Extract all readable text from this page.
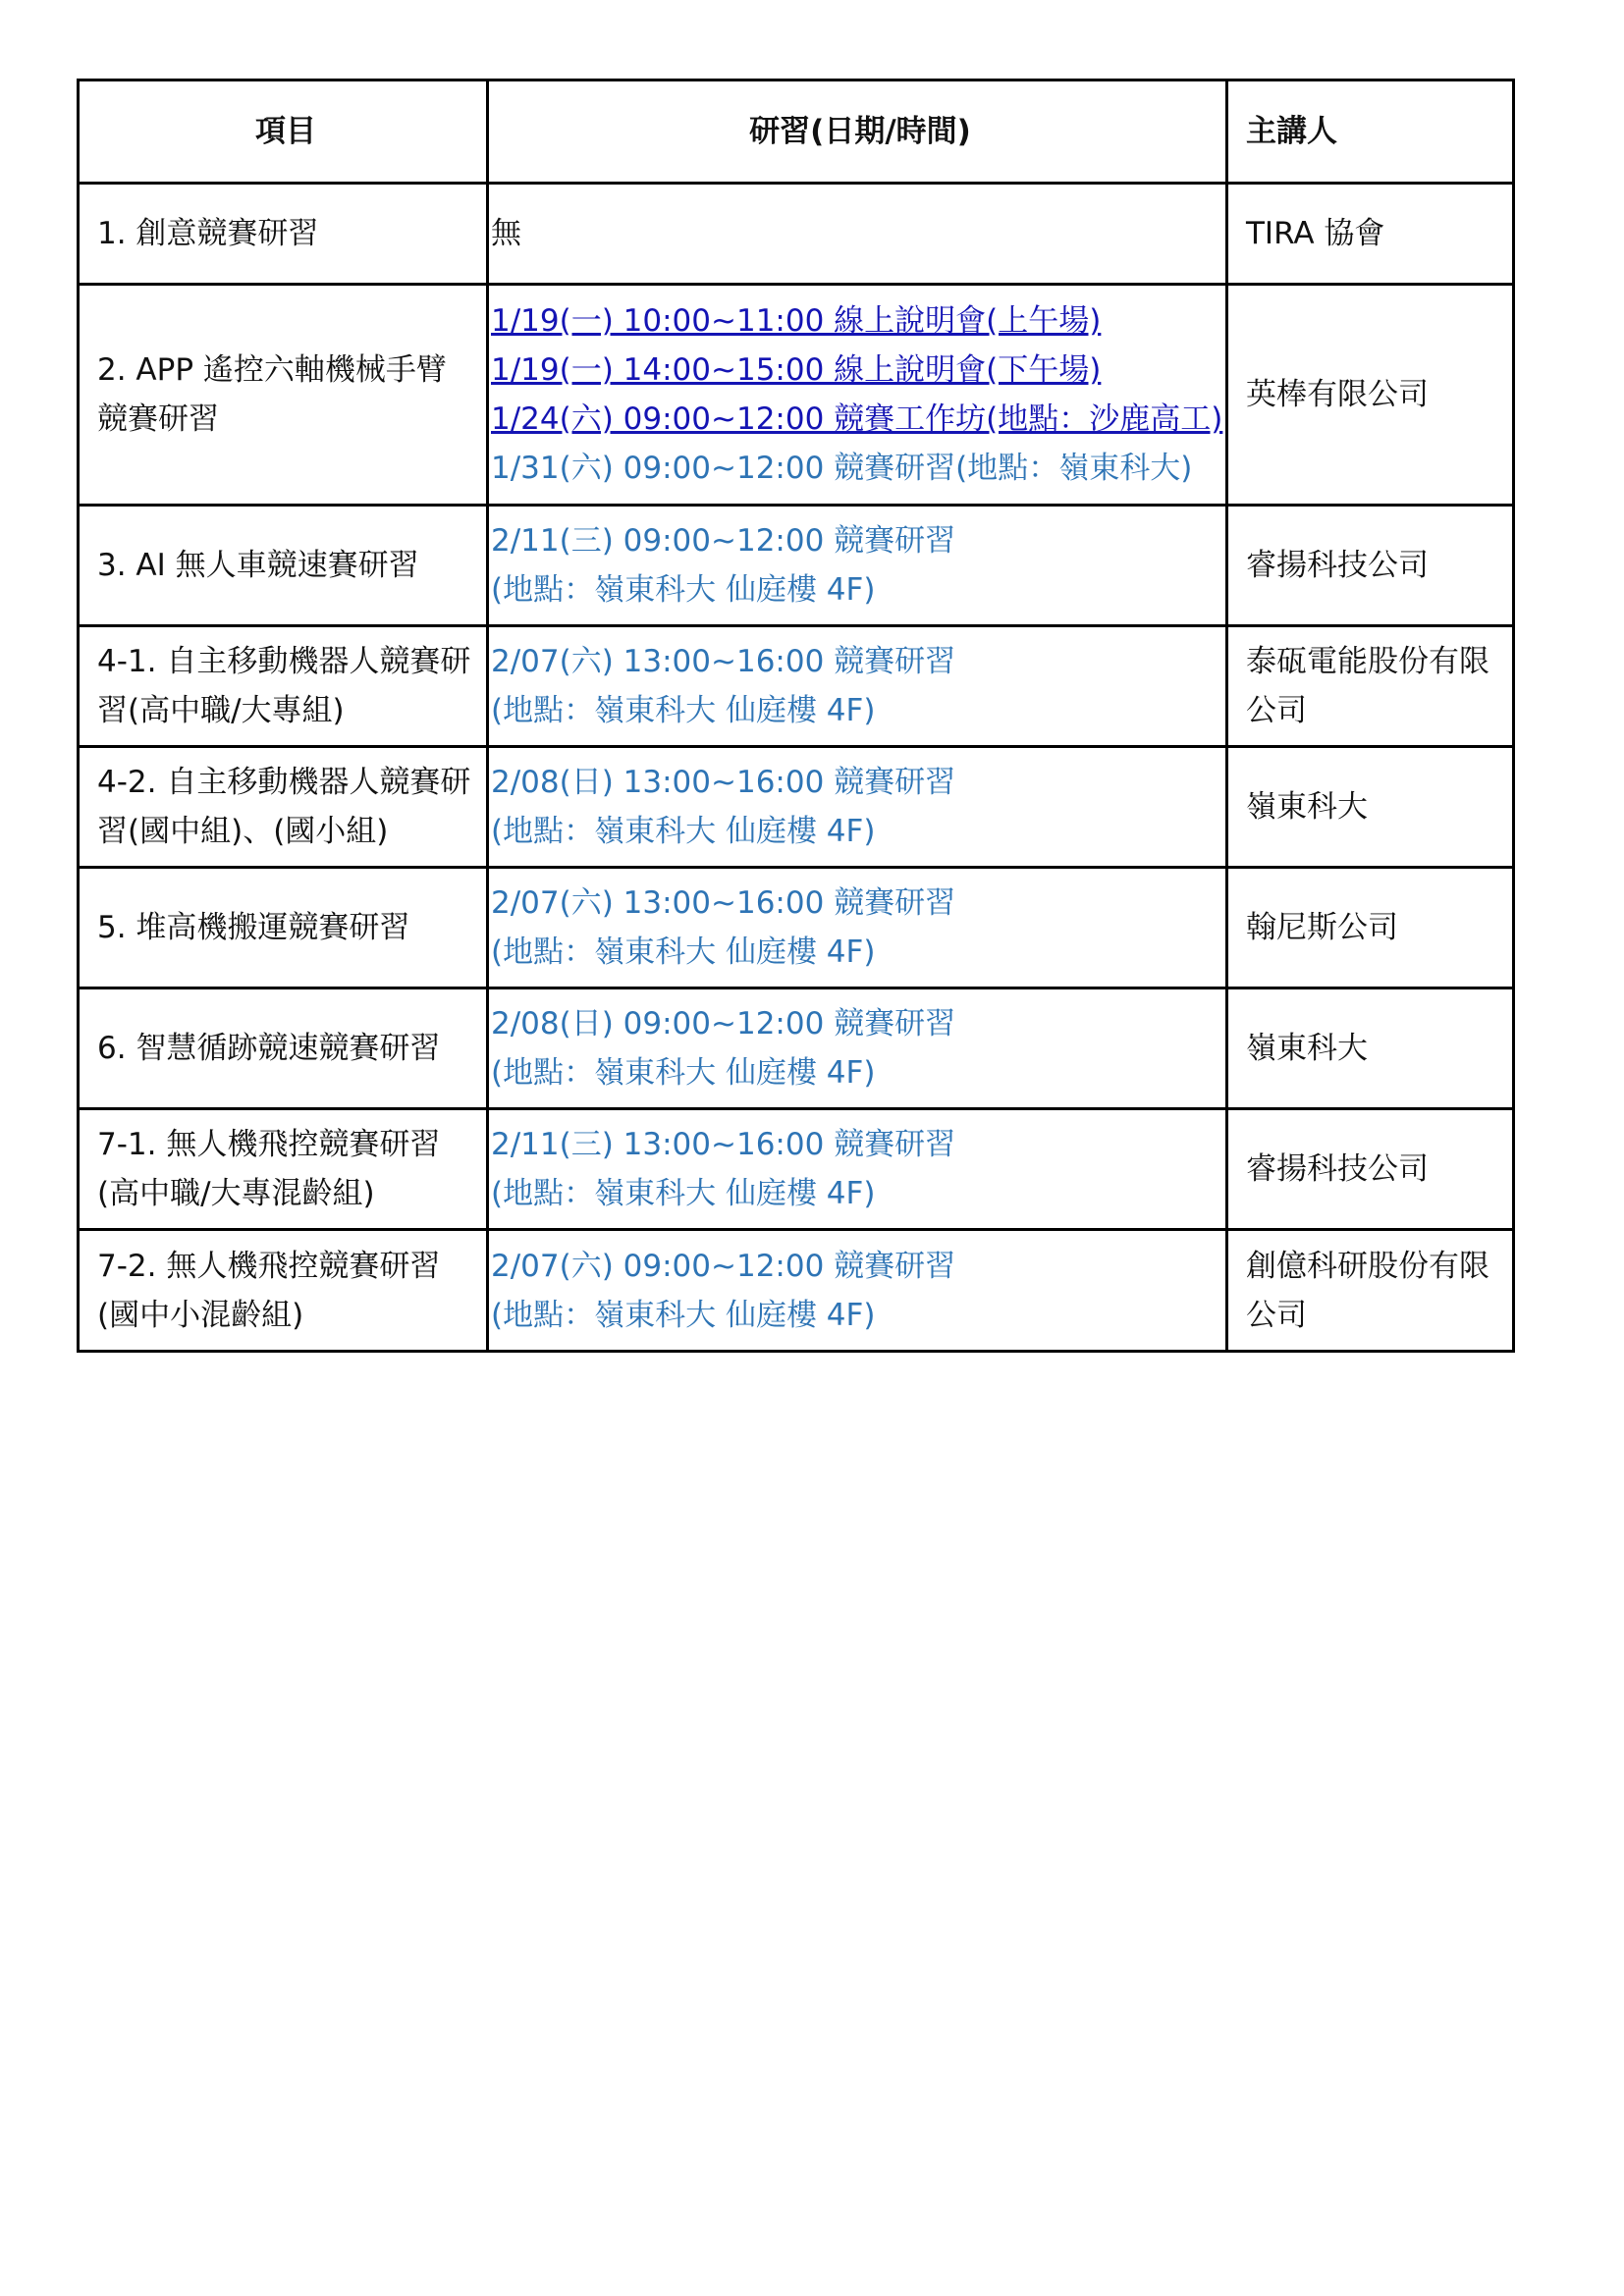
項目	研習(日期/時間)	主講人
1. 創意競賽研習	無	TIRA 協會
2. APP 遙控六軸機械手臂競賽研習	1/19(一) 10:00~11:00 線上說明會(上午場)
1/19(一) 14:00~15:00 線上說明會(下午場)
1/24(六) 09:00~12:00 競賽工作坊(地點：沙鹿高工)
1/31(六) 09:00~12:00 競賽研習(地點：嶺東科大)	英棒有限公司
3. AI 無人車競速賽研習	2/11(三) 09:00~12:00 競賽研習
(地點：嶺東科大 仙庭樓 4F)	睿揚科技公司
4-1. 自主移動機器人競賽研習(高中職/大專組)	2/07(六) 13:00~16:00 競賽研習
(地點：嶺東科大 仙庭樓 4F)	泰砙電能股份有限公司
4-2. 自主移動機器人競賽研習(國中組)、(國小組)	2/08(日) 13:00~16:00 競賽研習
(地點：嶺東科大 仙庭樓 4F)	嶺東科大
5. 堆高機搬運競賽研習	2/07(六) 13:00~16:00 競賽研習
(地點：嶺東科大 仙庭樓 4F)	翰尼斯公司
6. 智慧循跡競速競賽研習	2/08(日) 09:00~12:00 競賽研習
(地點：嶺東科大 仙庭樓 4F)	嶺東科大
7-1. 無人機飛控競賽研習(高中職/大專混齡組)	2/11(三) 13:00~16:00 競賽研習
(地點：嶺東科大 仙庭樓 4F)	睿揚科技公司
7-2. 無人機飛控競賽研習(國中小混齡組)	2/07(六) 09:00~12:00 競賽研習
(地點：嶺東科大 仙庭樓 4F)	創億科研股份有限公司
